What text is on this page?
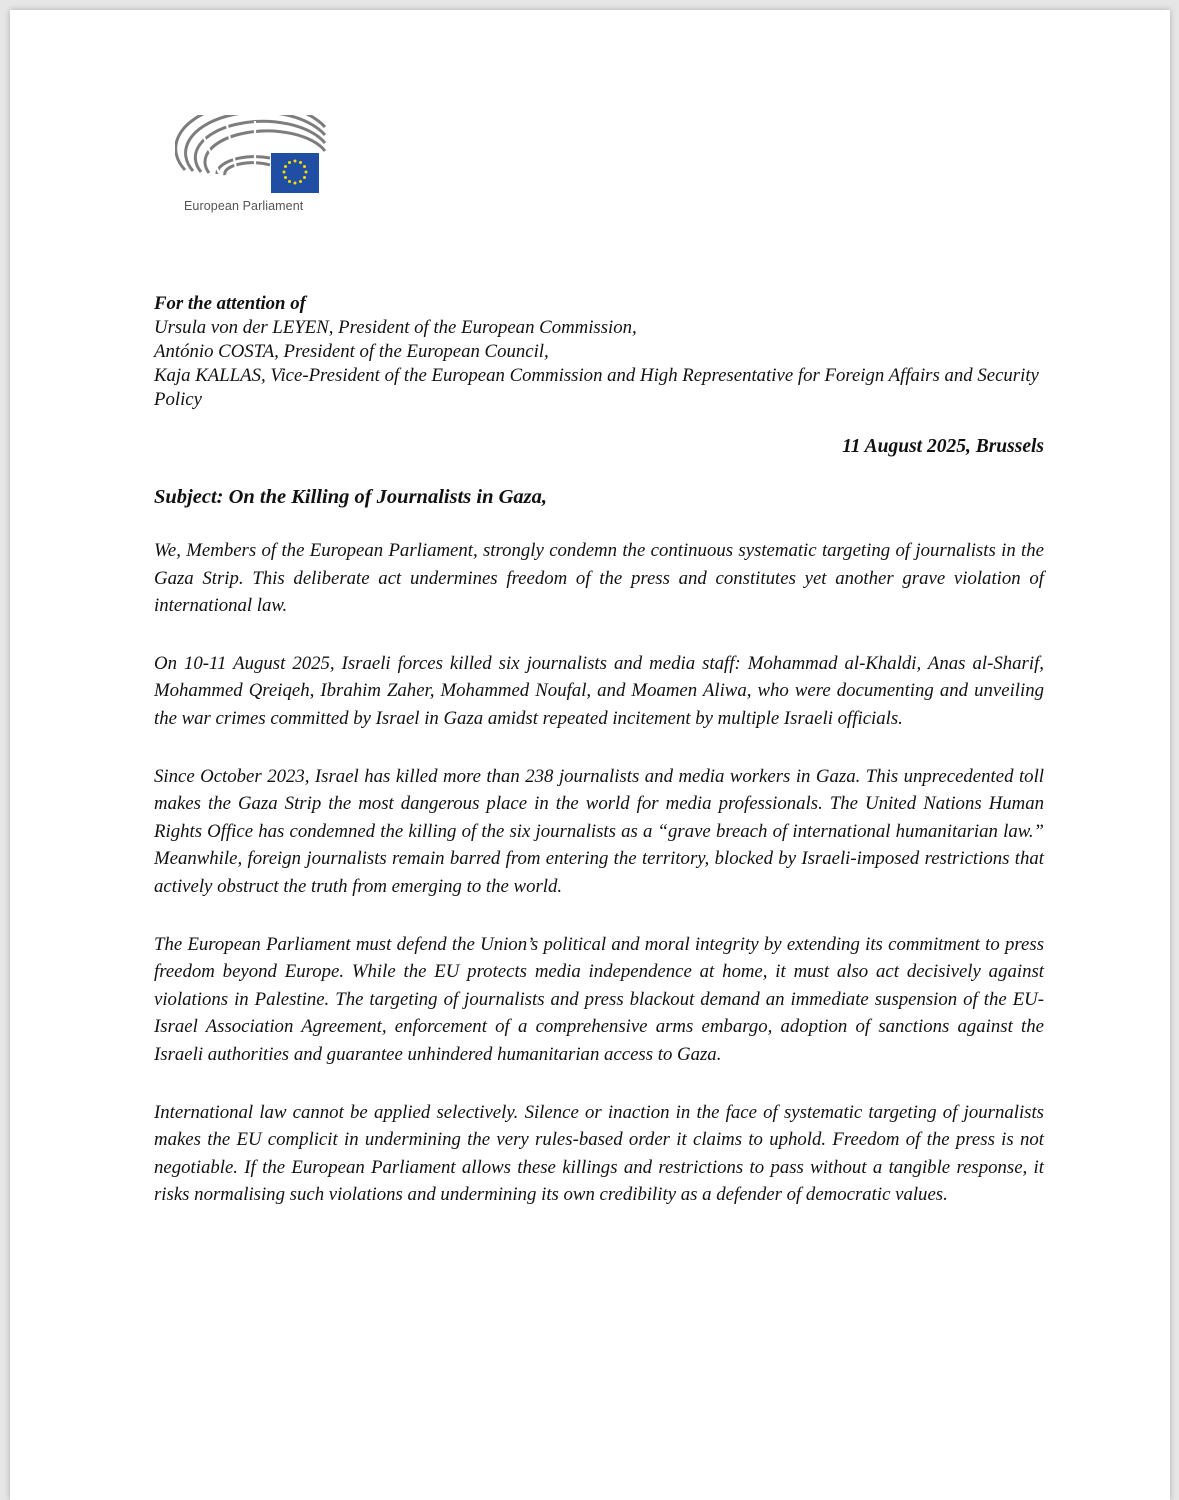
European Parliament

For the attention of

Ursula von der LEYEN, President of the European Commission,

António COSTA, President of the European Council,

Kaja KALLAS, Vice-President of the European Commission and High Representative for Foreign Affairs and Security Policy

11 August 2025, Brussels

Subject: On the Killing of Journalists in Gaza,

We, Members of the European Parliament, strongly condemn the continuous systematic targeting of journalists in the Gaza Strip. This deliberate act undermines freedom of the press and constitutes yet another grave violation of international law.

On 10-11 August 2025, Israeli forces killed six journalists and media staff: Mohammad al-Khaldi, Anas al-Sharif, Mohammed Qreiqeh, Ibrahim Zaher, Mohammed Noufal, and Moamen Aliwa, who were documenting and unveiling the war crimes committed by Israel in Gaza amidst repeated incitement by multiple Israeli officials.

Since October 2023, Israel has killed more than 238 journalists and media workers in Gaza. This unprecedented toll makes the Gaza Strip the most dangerous place in the world for media professionals. The United Nations Human Rights Office has condemned the killing of the six journalists as a “grave breach of international humanitarian law.” Meanwhile, foreign journalists remain barred from entering the territory, blocked by Israeli-imposed restrictions that actively obstruct the truth from emerging to the world.

The European Parliament must defend the Union’s political and moral integrity by extending its commitment to press freedom beyond Europe. While the EU protects media independence at home, it must also act decisively against violations in Palestine. The targeting of journalists and press blackout demand an immediate suspension of the EU-Israel Association Agreement, enforcement of a comprehensive arms embargo, adoption of sanctions against the Israeli authorities and guarantee unhindered humanitarian access to Gaza.

International law cannot be applied selectively. Silence or inaction in the face of systematic targeting of journalists makes the EU complicit in undermining the very rules-based order it claims to uphold. Freedom of the press is not negotiable. If the European Parliament allows these killings and restrictions to pass without a tangible response, it risks normalising such violations and undermining its own credibility as a defender of democratic values.
